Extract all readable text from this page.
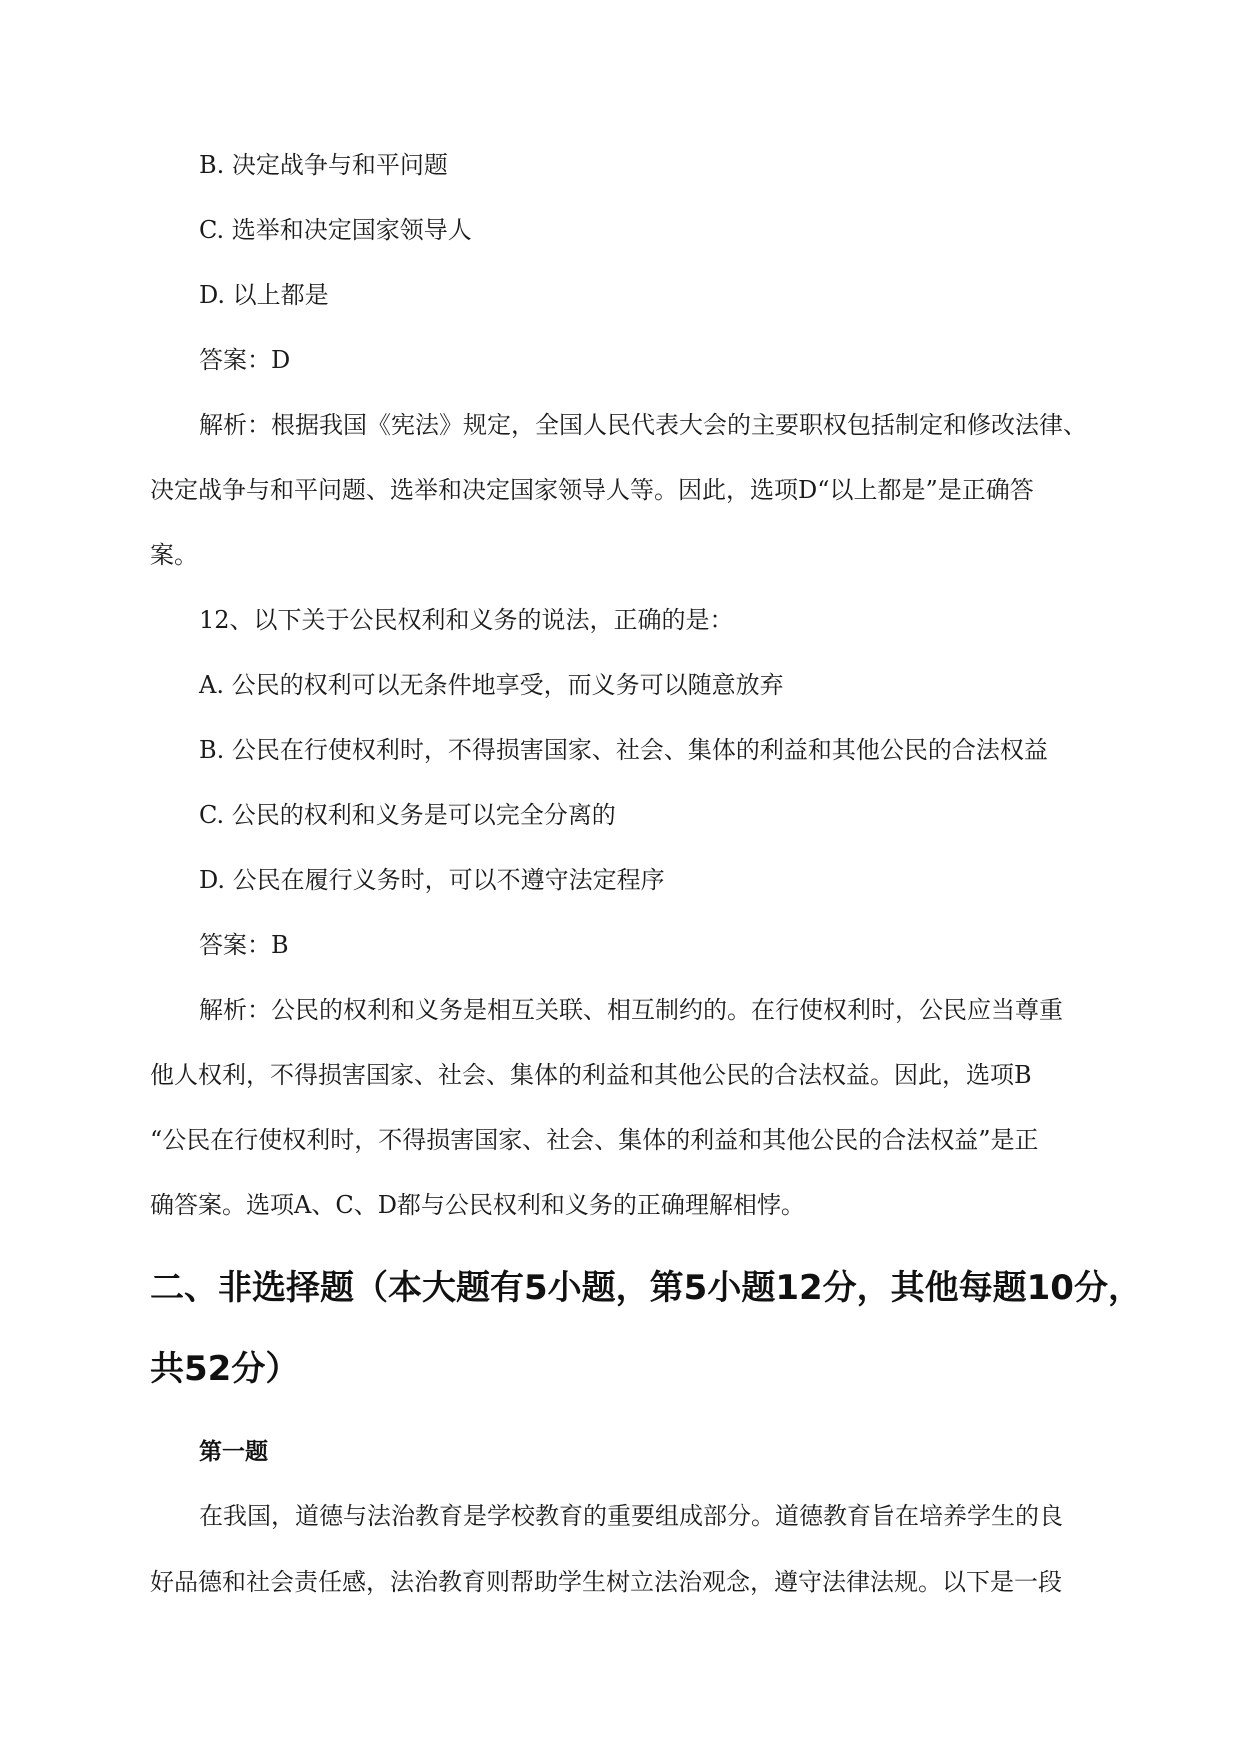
B. 决定战争与和平问题
C. 选举和决定国家领导人
D. 以上都是
答案：D
解析：根据我国《宪法》规定，全国人民代表大会的主要职权包括制定和修改法律、
决定战争与和平问题、选举和决定国家领导人等。因此，选项D“以上都是”是正确答
案。
12、以下关于公民权利和义务的说法，正确的是：
A. 公民的权利可以无条件地享受，而义务可以随意放弃
B. 公民在行使权利时，不得损害国家、社会、集体的利益和其他公民的合法权益
C. 公民的权利和义务是可以完全分离的
D. 公民在履行义务时，可以不遵守法定程序
答案：B
解析：公民的权利和义务是相互关联、相互制约的。在行使权利时，公民应当尊重
他人权利，不得损害国家、社会、集体的利益和其他公民的合法权益。因此，选项B
“公民在行使权利时，不得损害国家、社会、集体的利益和其他公民的合法权益”是正
确答案。选项A、C、D都与公民权利和义务的正确理解相悖。
二、非选择题（本大题有5小题，第5小题12分，其他每题10分，
共52分）
第一题
在我国，道德与法治教育是学校教育的重要组成部分。道德教育旨在培养学生的良
好品德和社会责任感，法治教育则帮助学生树立法治观念，遵守法律法规。以下是一段
